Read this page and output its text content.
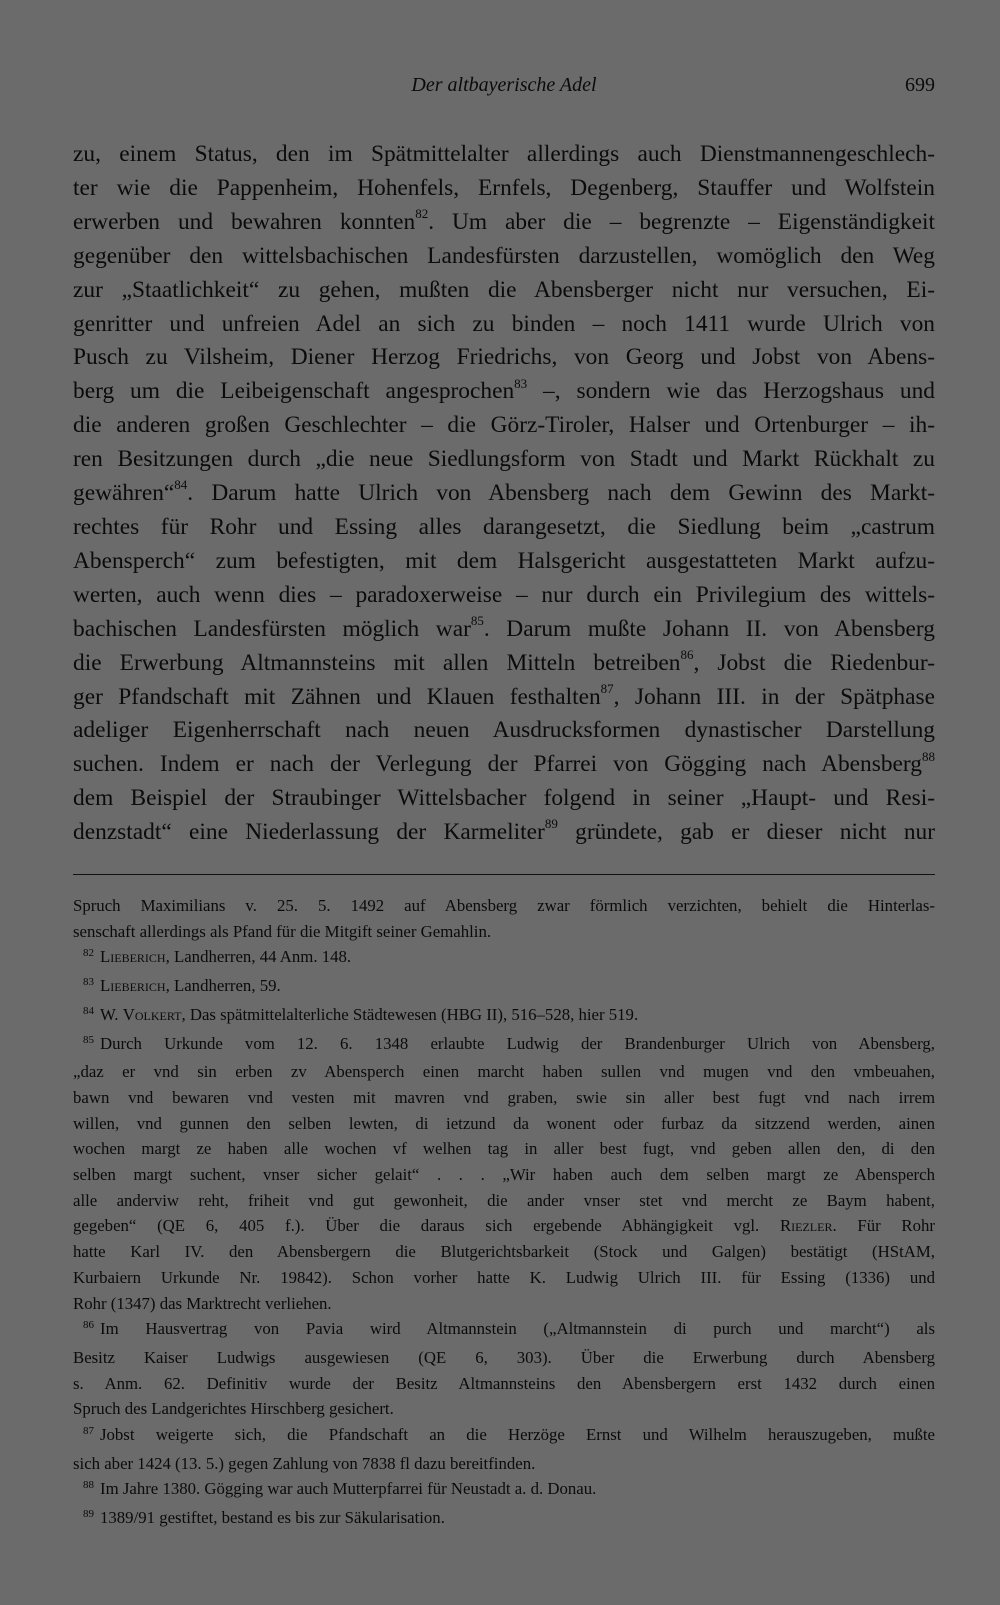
Der altbayerische Adel	699
zu, einem Status, den im Spätmittelalter allerdings auch Dienstmannengeschlech-
ter wie die Pappenheim, Hohenfels, Ernfels, Degenberg, Stauffer und Wolfstein
erwerben und bewahren konnten$^{82}$. Um aber die – begrenzte – Eigenständigkeit
gegenüber den wittelsbachischen Landesfürsten darzustellen, womöglich den Weg
zur „Staatlichkeit“ zu gehen, mußten die Abensberger nicht nur versuchen, Ei-
genritter und unfreien Adel an sich zu binden – noch 1411 wurde Ulrich von
Pusch zu Vilsheim, Diener Herzog Friedrichs, von Georg und Jobst von Abens-
berg um die Leibeigenschaft angesprochen$^{83}$ –, sondern wie das Herzogshaus und
die anderen großen Geschlechter – die Görz-Tiroler, Halser und Ortenburger – ih-
ren Besitzungen durch „die neue Siedlungsform von Stadt und Markt Rückhalt zu
gewähren“$^{84}$. Darum hatte Ulrich von Abensberg nach dem Gewinn des Markt-
rechtes für Rohr und Essing alles darangesetzt, die Siedlung beim „castrum
Abensperch“ zum befestigten, mit dem Halsgericht ausgestatteten Markt aufzu-
werten, auch wenn dies – paradoxerweise – nur durch ein Privilegium des wittels-
bachischen Landesfürsten möglich war$^{85}$. Darum mußte Johann II. von Abensberg
die Erwerbung Altmannsteins mit allen Mitteln betreiben$^{86}$, Jobst die Riedenbur-
ger Pfandschaft mit Zähnen und Klauen festhalten$^{87}$, Johann III. in der Spätphase
adeliger Eigenherrschaft nach neuen Ausdrucksformen dynastischer Darstellung
suchen. Indem er nach der Verlegung der Pfarrei von Gögging nach Abensberg$^{88}$
dem Beispiel der Straubinger Wittelsbacher folgend in seiner „Haupt- und Resi-
denzstadt“ eine Niederlassung der Karmeliter$^{89}$ gründete, gab er dieser nicht nur
Spruch Maximilians v. 25. 5. 1492 auf Abensberg zwar förmlich verzichten, behielt die Hinterlas-
senschaft allerdings als Pfand für die Mitgift seiner Gemahlin.
$^{82}$ Lieberich, Landherren, 44 Anm. 148.
$^{83}$ Lieberich, Landherren, 59.
$^{84}$ W. Volkert, Das spätmittelalterliche Städtewesen (HBG II), 516–528, hier 519.
$^{85}$ Durch Urkunde vom 12. 6. 1348 erlaubte Ludwig der Brandenburger Ulrich von Abensberg,
„daz er vnd sin erben zv Abensperch einen marcht haben sullen vnd mugen vnd den vmbeuahen,
bawn vnd bewaren vnd vesten mit mavren vnd graben, swie sin aller best fugt vnd nach irrem
willen, vnd gunnen den selben lewten, di ietzund da wonent oder furbaz da sitzzend werden, ainen
wochen margt ze haben alle wochen vf welhen tag in aller best fugt, vnd geben allen den, di den
selben margt suchent, vnser sicher gelait“ . . . „Wir haben auch dem selben margt ze Abensperch
alle anderviw reht, friheit vnd gut gewonheit, die ander vnser stet vnd mercht ze Baym habent,
gegeben“ (QE 6, 405 f.). Über die daraus sich ergebende Abhängigkeit vgl. Riezler. Für Rohr
hatte Karl IV. den Abensbergern die Blutgerichtsbarkeit (Stock und Galgen) bestätigt (HStAM,
Kurbaiern Urkunde Nr. 19842). Schon vorher hatte K. Ludwig Ulrich III. für Essing (1336) und
Rohr (1347) das Marktrecht verliehen.
$^{86}$ Im Hausvertrag von Pavia wird Altmannstein („Altmannstein di purch und marcht“) als
Besitz Kaiser Ludwigs ausgewiesen (QE 6, 303). Über die Erwerbung durch Abensberg
s. Anm. 62. Definitiv wurde der Besitz Altmannsteins den Abensbergern erst 1432 durch einen
Spruch des Landgerichtes Hirschberg gesichert.
$^{87}$ Jobst weigerte sich, die Pfandschaft an die Herzöge Ernst und Wilhelm herauszugeben, mußte
sich aber 1424 (13. 5.) gegen Zahlung von 7838 fl dazu bereitfinden.
$^{88}$ Im Jahre 1380. Gögging war auch Mutterpfarrei für Neustadt a. d. Donau.
$^{89}$ 1389/91 gestiftet, bestand es bis zur Säkularisation.
